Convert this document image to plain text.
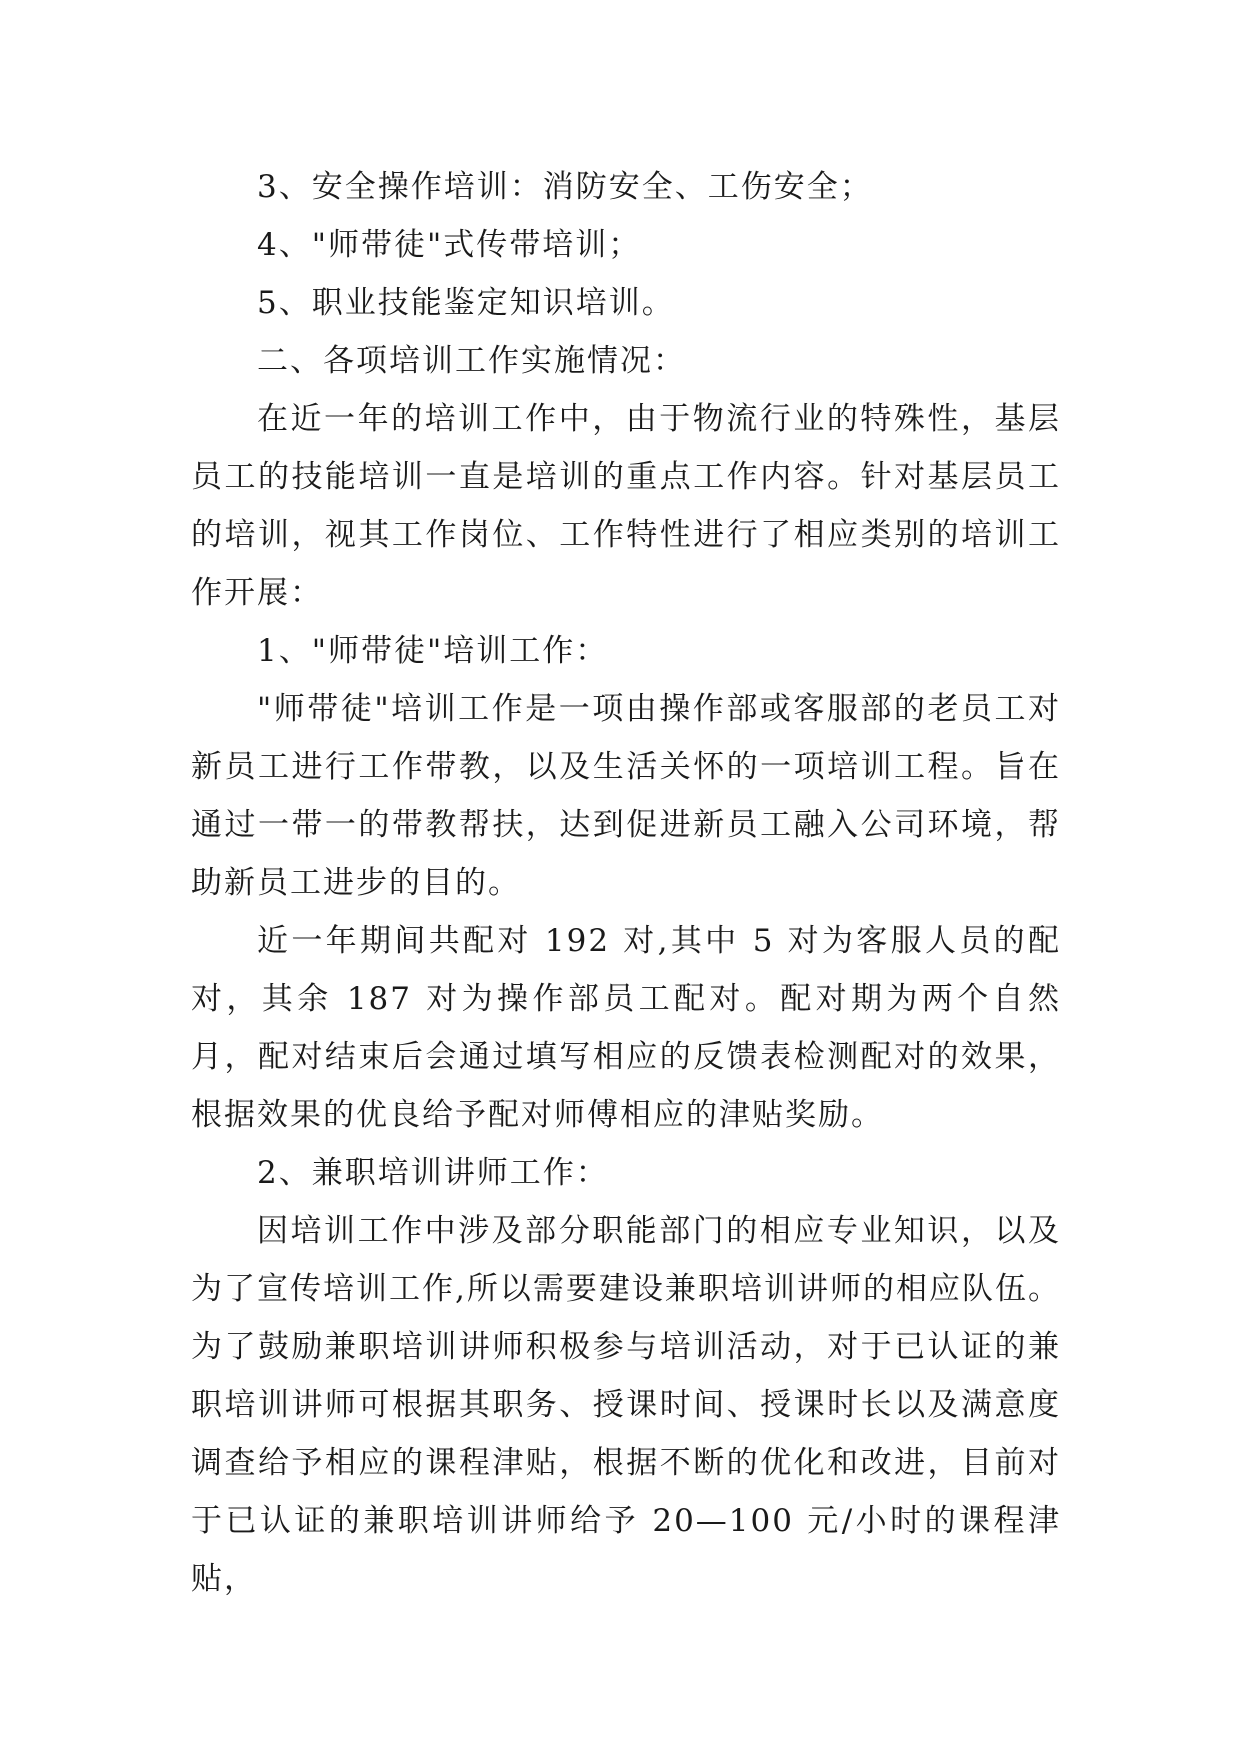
3、安全操作培训：消防安全、工伤安全；

4、"师带徒"式传带培训；

5、职业技能鉴定知识培训。

二、各项培训工作实施情况：

在近一年的培训工作中，由于物流行业的特殊性，基层员工的技能培训一直是培训的重点工作内容。针对基层员工的培训，视其工作岗位、工作特性进行了相应类别的培训工作开展：

1、"师带徒"培训工作：

"师带徒"培训工作是一项由操作部或客服部的老员工对新员工进行工作带教，以及生活关怀的一项培训工程。旨在通过一带一的带教帮扶，达到促进新员工融入公司环境，帮助新员工进步的目的。

近一年期间共配对 192 对,其中 5 对为客服人员的配对，其余 187 对为操作部员工配对。配对期为两个自然月，配对结束后会通过填写相应的反馈表检测配对的效果，根据效果的优良给予配对师傅相应的津贴奖励。

2、兼职培训讲师工作：

因培训工作中涉及部分职能部门的相应专业知识，以及为了宣传培训工作,所以需要建设兼职培训讲师的相应队伍。为了鼓励兼职培训讲师积极参与培训活动，对于已认证的兼职培训讲师可根据其职务、授课时间、授课时长以及满意度调查给予相应的课程津贴，根据不断的优化和改进，目前对于已认证的兼职培训讲师给予 20—100 元/小时的课程津贴，
